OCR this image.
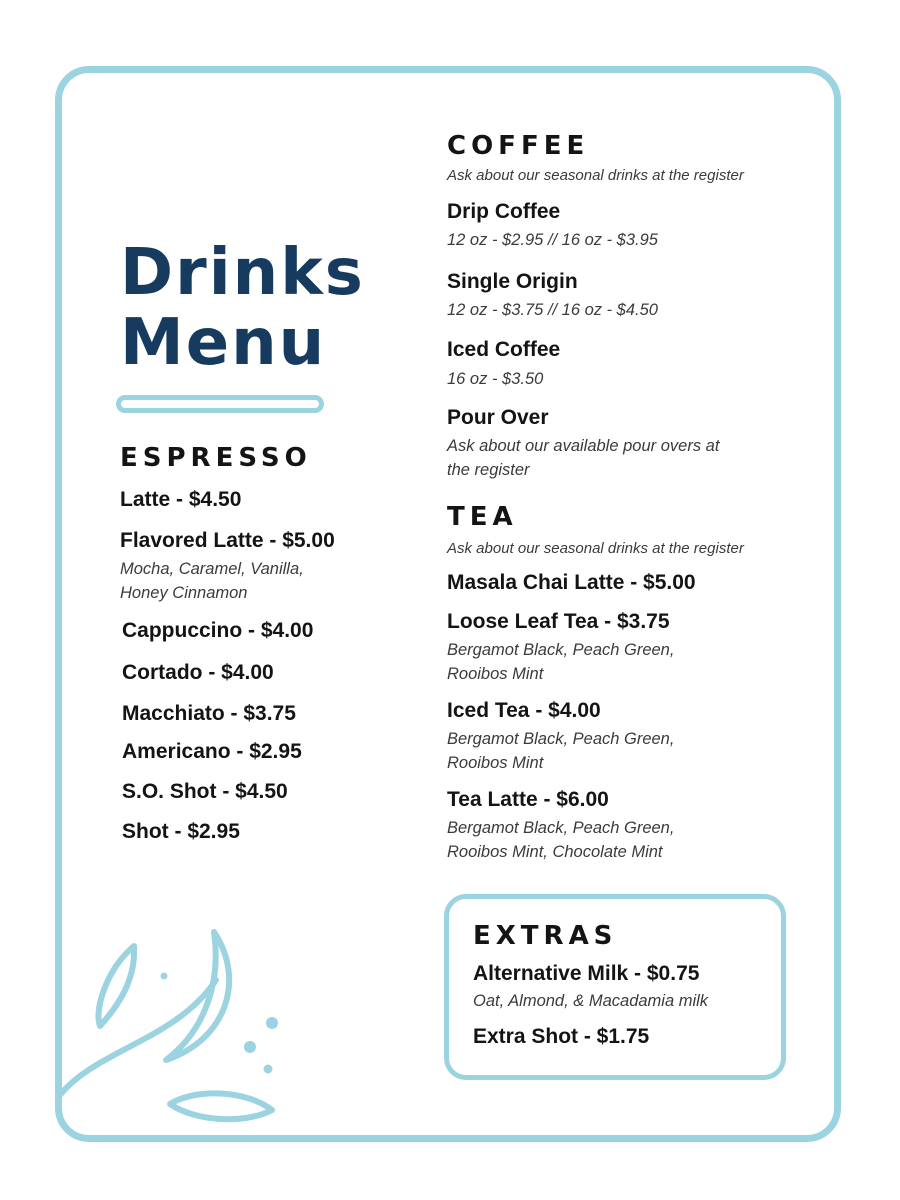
Drinks
Menu
ESPRESSO
Latte - $4.50
Flavored Latte - $5.00
Mocha, Caramel, Vanilla,
Honey Cinnamon
Cappuccino - $4.00
Cortado - $4.00
Macchiato - $3.75
Americano - $2.95
S.O. Shot - $4.50
Shot - $2.95
COFFEE
Ask about our seasonal drinks at the register
Drip Coffee
12 oz - $2.95 // 16 oz - $3.95
Single Origin
12 oz - $3.75 // 16 oz - $4.50
Iced Coffee
16 oz - $3.50
Pour Over
Ask about our available pour overs at
the register
TEA
Ask about our seasonal drinks at the register
Masala Chai Latte - $5.00
Loose Leaf Tea - $3.75
Bergamot Black, Peach Green,
Rooibos Mint
Iced Tea - $4.00
Bergamot Black, Peach Green,
Rooibos Mint
Tea Latte - $6.00
Bergamot Black, Peach Green,
Rooibos Mint, Chocolate Mint
EXTRAS
Alternative Milk - $0.75
Oat, Almond, & Macadamia milk
Extra Shot - $1.75
